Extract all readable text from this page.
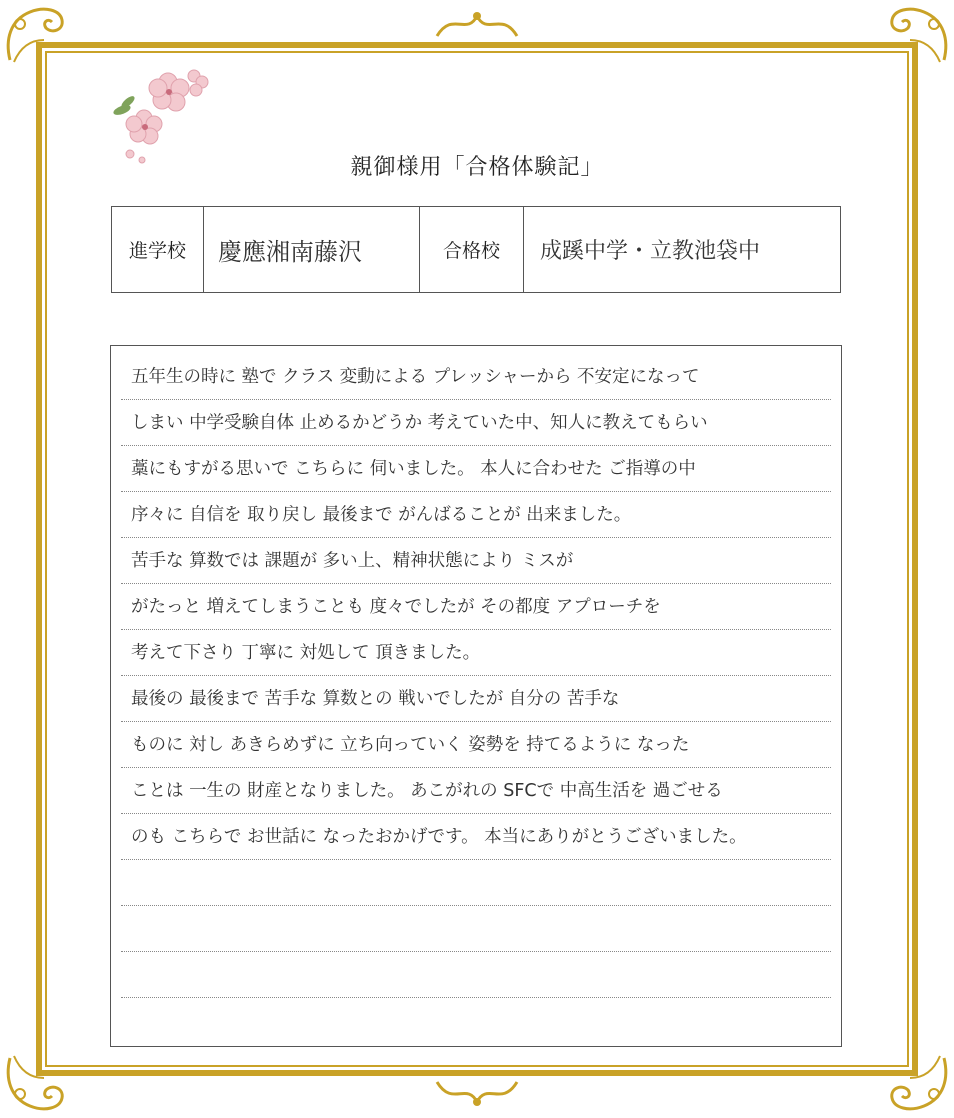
親御様用「合格体験記」
進学校	慶應湘南藤沢	合格校	成蹊中学・立教池袋中
五年生の時に 塾で クラス 変動による プレッシャーから 不安定になって
しまい 中学受験自体 止めるかどうか 考えていた中、知人に教えてもらい
藁にもすがる思いで こちらに 伺いました。 本人に合わせた ご指導の中
序々に 自信を 取り戻し 最後まで がんばることが 出来ました。
苦手な 算数では 課題が 多い上、精神状態により ミスが
がたっと 増えてしまうことも 度々でしたが その都度 アプローチを
考えて下さり 丁寧に 対処して 頂きました。
最後の 最後まで 苦手な 算数との 戦いでしたが 自分の 苦手な
ものに 対し あきらめずに 立ち向っていく 姿勢を 持てるように なった
ことは 一生の 財産となりました。 あこがれの SFCで 中高生活を 過ごせる
のも こちらで お世話に なったおかげです。 本当にありがとうございました。
